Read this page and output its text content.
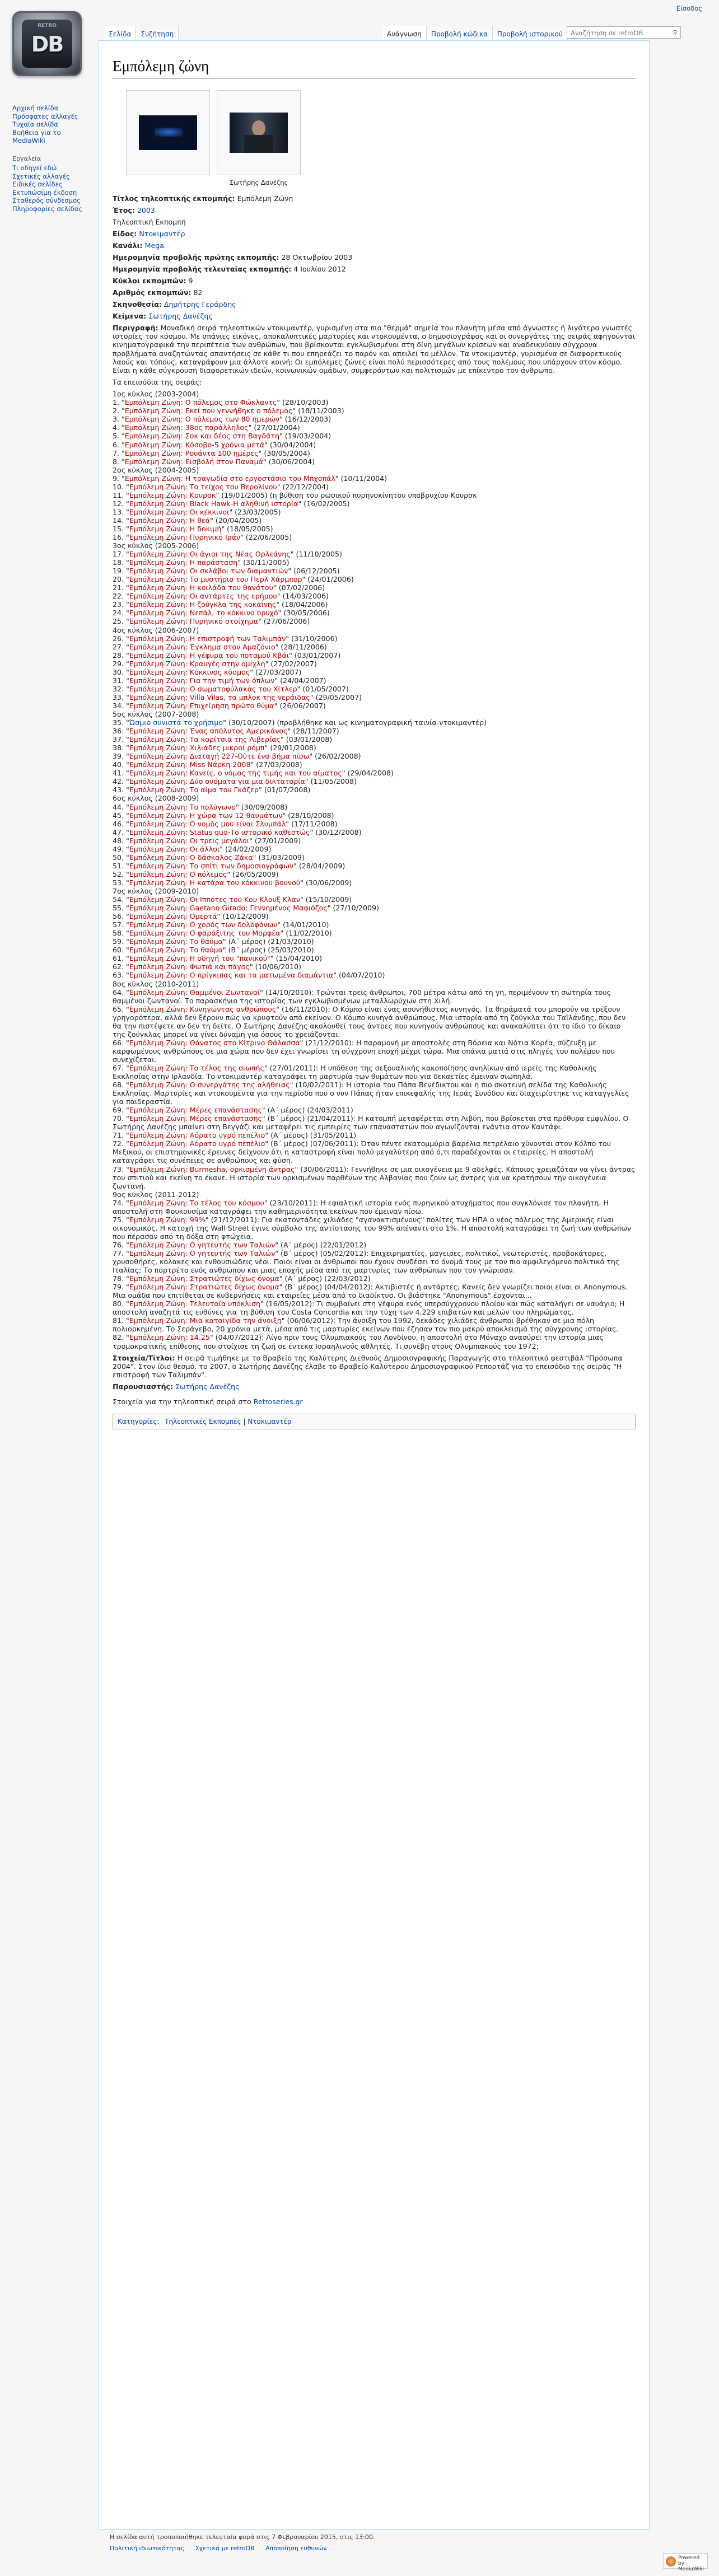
RETRO
DB
Είσοδος
Σελίδα	Συζήτηση	Ανάγνωση	Προβολή κώδικα	Προβολή ιστορικού	Αναζήτηση σε retroDB	⚲
Αρχική σελίδα
Πρόσφατες αλλαγές
Τυχαία σελίδα
Βοήθεια για το MediaWiki
Εργαλεία
Τι οδηγεί εδώ
Σχετικές αλλαγές
Ειδικές σελίδες
Εκτυπώσιμη έκδοση
Σταθερός σύνδεσμος
Πληροφορίες σελίδας
Εμπόλεμη ζώνη
Σωτήρης Δανέζης
Τίτλος τηλεοπτικής εκπομπής: Εμπόλεμη Ζώνη
Έτος: 2003
Τηλεοπτική Εκπομπή
Είδος: Ντοκιμαντέρ
Κανάλι: Mega
Ημερομηνία προβολής πρώτης εκπομπής: 28 Οκτωβρίου 2003
Ημερομηνία προβολής τελευταίας εκπομπής: 4 Ιουλίου 2012
Κύκλοι εκπομπών: 9
Αριθμός εκπομπών: 82
Σκηνοθεσία: Δημήτρης Γεράρδης
Κείμενα: Σωτήρης Δανέζης
Περιγραφή: Μοναδική σειρά τηλεοπτικών ντοκιμαντέρ, γυρισμένη στα πιο "θερμά" σημεία του πλανήτη μέσα από άγνωστες ή λιγότερο γνωστές ιστορίες του κόσμου. Με σπάνιες εικόνες, αποκαλυπτικές μαρτυρίες και ντοκουμέντα, ο δημοσιογράφος και οι συνεργάτες της σειράς αφηγούνται κινηματογραφικά την περιπέτεια των ανθρώπων, που βρίσκονται εγκλωβισμένοι στη δίνη μεγάλων κρίσεων και αναδεικνύουν σύγχρονα προβλήματα αναζητώντας απαντήσεις σε κάθε τι που επηρεάζει το παρόν και απειλεί το μέλλον. Τα ντοκιμαντέρ, γυρισμένα σε διαφορετικούς λαούς και τόπους, καταγράφουν μια άλλοτε κοινή: Οι εμπόλεμες ζώνες είναι πολύ περισσότερες από τους πολέμους που υπάρχουν στον κόσμο. Είναι η κάθε σύγκρουση διαφορετικών ιδεών, κοινωνικών ομάδων, συμφερόντων και πολιτισμών με επίκεντρο τον άνθρωπο.
Τα επεισόδια της σειράς:
1ος κύκλος (2003-2004)
1. "Εμπόλεμη Ζώνη: Ο πόλεμος στο Φώκλαντς" (28/10/2003)
2. "Εμπόλεμη Ζώνη: Εκεί που γεννήθηκε ο πόλεμος" (18/11/2003)
3. "Εμπόλεμη Ζώνη: Ο πόλεμος των 80 ημερών" (16/12/2003)
4. "Εμπόλεμη Ζώνη: 38ος παράλληλος" (27/01/2004)
5. "Εμπόλεμη Ζώνη: Σοκ και δέος στη Βαγδάτη" (19/03/2004)
6. "Εμπόλεμη Ζώνη: Κόσοβο-5 χρόνια μετά" (30/04/2004)
7. "Εμπόλεμη Ζώνη: Ρουάντα 100 ημέρες" (30/05/2004)
8. "Εμπόλεμη Ζώνη: Εισβολή στον Παναμά" (30/06/2004)
2ος κύκλος (2004-2005)
9. "Εμπόλεμη Ζώνη: Η τραγωδία στο εργοστάσιο του Μπχοπάλ" (10/11/2004)
10. "Εμπόλεμη Ζώνη: Το τείχος του Βερολίνου" (22/12/2004)
11. "Εμπόλεμη Ζώνη: Κουρσκ" (19/01/2005) (η βύθιση του ρωσικού πυρηνοκίνητου υποβρυχίου Κουρσκ
12. "Εμπόλεμη Ζώνη: Black Hawk-Η αληθινή ιστορία" (16/02/2005)
13. "Εμπόλεμη Ζώνη: Οι κέκκινοι" (23/03/2005)
14. "Εμπόλεμη Ζώνη: Η θεά" (20/04/2005)
15. "Εμπόλεμη Ζώνη: Η δοκιμή" (18/05/2005)
16. "Εμπόλεμη Ζώνη: Πυρηνικό Ιράν" (22/06/2005)
3ος κύκλος (2005-2006)
17. "Εμπόλεμη Ζώνη: Οι άγιοι της Νέας Ορλεάνης" (11/10/2005)
18. "Εμπόλεμη Ζώνη: Η παράσταση" (30/11/2005)
19. "Εμπόλεμη Ζώνη: Οι σκλάβοι των διαμαντιών" (06/12/2005)
20. "Εμπόλεμη Ζώνη: Το μυστήριο του Περλ Χάρμπορ" (24/01/2006)
21. "Εμπόλεμη Ζώνη: Η κοιλάδα του θανάτου" (07/02/2006)
22. "Εμπόλεμη Ζώνη: Οι αντάρτες της ερήμου" (14/03/2006)
23. "Εμπόλεμη Ζώνη: Η ζούγκλα της κοκαΐνης" (18/04/2006)
24. "Εμπόλεμη Ζώνη: Νεπάλ, το κόκκινο ορυχό" (30/05/2006)
25. "Εμπόλεμη Ζώνη: Πυρηνικό στοίχημα" (27/06/2006)
4ος κύκλος (2006-2007)
26. "Εμπόλεμη Ζώνη: Η επιστροφή των Ταλιμπάν" (31/10/2006)
27. "Εμπόλεμη Ζώνη: Έγκλημα στον Αμαζόνιο" (28/11/2006)
28. "Εμπόλεμη Ζώνη: Η γέφυρα του ποταμού Κβάι" (03/01/2007)
29. "Εμπόλεμη Ζώνη: Κραυγές στην ομίχλη" (27/02/2007)
30. "Εμπόλεμη Ζώνη: Κόκκινος κόσμος" (27/03/2007)
31. "Εμπόλεμη Ζώνη: Για την τιμή των όπλων" (24/04/2007)
32. "Εμπόλεμη Ζώνη: Ο σωματοφύλακας του Χίτλερ" (01/05/2007)
33. "Εμπόλεμη Ζώνη: Villa Vilas, τα μπλοκ της νεράιδας" (29/05/2007)
34. "Εμπόλεμη Ζώνη: Επιχείρηση πρώτο θύμα" (26/06/2007)
5ος κύκλος (2007-2008)
35. "Ώσμιο συνιστά το χρήσιμο" (30/10/2007) (προβλήθηκε και ως κινηματογραφική ταινία-ντοκιμαντέρ)
36. "Εμπόλεμη Ζώνη: Ένας απόλυτος Αμερικάνος" (28/11/2007)
37. "Εμπόλεμη Ζώνη: Τα κορίτσια της Λιβερίας" (03/01/2008)
38. "Εμπόλεμη Ζώνη: Χιλιάδες μικροί ρόμπ" (29/01/2008)
39. "Εμπόλεμη Ζώνη: Διαταγή 227-Ούτε ένα βήμα πίσω" (26/02/2008)
40. "Εμπόλεμη Ζώνη: Miss Νάρκη 2008" (27/03/2008)
41. "Εμπόλεμη Ζώνη: Κανείς, ο νόμος της τιμής και του αίματος" (29/04/2008)
42. "Εμπόλεμη Ζώνη: Δύο ονόματα για μια δικτατορία" (11/05/2008)
43. "Εμπόλεμη Ζώνη: Το αίμα του Γκάζερ" (01/07/2008)
6ος κύκλος (2008-2009)
44. "Εμπόλεμη Ζώνη: Το πολύγωνο" (30/09/2008)
45. "Εμπόλεμη Ζώνη: Η χώρα των 12 θαυμάτων" (28/10/2008)
46. "Εμπόλεμη Ζώνη: Ο νομός μου είναι Σλυμπάλ" (17/11/2008)
47. "Εμπόλεμη Ζώνη: Status quo-Το ιστορικό καθεστώς" (30/12/2008)
48. "Εμπόλεμη Ζώνη: Οι τρεις μεγάλοι" (27/01/2009)
49. "Εμπόλεμη Ζώνη: Οι άλλοι" (24/02/2009)
50. "Εμπόλεμη Ζώνη: Ο δάσκαλος Ζάκα" (31/03/2009)
51. "Εμπόλεμη Ζώνη: Το σπίτι των δημοσιογράφων" (28/04/2009)
52. "Εμπόλεμη Ζώνη: Ο πόλεμος" (26/05/2009)
53. "Εμπόλεμη Ζώνη: Η κατάρα του κόκκινου βουνού" (30/06/2009)
7ος κύκλος (2009-2010)
54. "Εμπόλεμη Ζώνη: Οι Ιππότες του Κου Κλουξ Κλαν" (15/10/2009)
55. "Εμπόλεμη Ζώνη: Gaetano Girado: Γεννημένος Μαφιόζος" (27/10/2009)
56. "Εμπόλεμη Ζώνη: Ομερτά" (10/12/2009)
57. "Εμπόλεμη Ζώνη: Ο χορός των δολοφόνων" (14/01/2010)
58. "Εμπόλεμη Ζώνη: Ο φαράξιτης του Μορφέα" (11/02/2010)
59. "Εμπόλεμη Ζώνη: Το θαύμα" (Α΄ μέρος) (21/03/2010)
60. "Εμπόλεμη Ζώνη: Το θαύμα" (Β΄ μέρος) (25/03/2010)
61. "Εμπόλεμη Ζώνη: Η οδηγή του "πανικού"" (15/04/2010)
62. "Εμπόλεμη Ζώνη: Φωτιά και πάγος" (10/06/2010)
63. "Εμπόλεμη Ζώνη: Ο πρίγκιπας και τα ματωμένα διαμάντια" (04/07/2010)
8ος κύκλος (2010-2011)
64. "Εμπόλεμη Ζώνη: Θαμμένοι Ζωντανοί" (14/10/2010): Τρώνται τρεις άνθρωποι, 700 μέτρα κάτω από τη γη, περιμένουν τη σωτηρία τους θαμμένοι ζωντανοί. Το παρασκήνιο της ιστορίας των εγκλωβισμένων μεταλλωρύχων στη Χιλή.
65. "Εμπόλεμη Ζώνη: Κυνηγώντας ανθρώπους" (16/11/2010): Ο Κόμπο είναι ένας ασυνήθιστος κυνηγός. Τα θηράματά του μπορούν να τρέξουν γρηγορότερα, αλλά δεν ξέρουν πώς να κρυφτούν από εκείνον. Ο Κόμπο κυνηγά ανθρώπους. Μια ιστορία από τη ζούγκλα του Ταϊλάνδης, που δεν θα την πιστέψετε αν δεν τη δείτε. Ο Σωτήρης Δανέζης ακολουθεί τους άντρες που κυνηγούν ανθρώπους και ανακαλύπτει ότι το ίδιο το δίκαιο της ζούγκλας μπορεί να γίνει δύναμη για όσους το χρειάζονται.
66. "Εμπόλεμη Ζώνη: Θάνατος στο Κίτρινο Θάλασσα" (21/12/2010): Η παραμονή με αποστολές στη Βόρεια και Νότια Κορέα, σύζευξη με καρφωμένους ανθρώπους σε μια χώρα που δεν έχει γνωρίσει τη σύγχρονη εποχή μέχρι τώρα. Μια σπάνια ματιά στις πληγές του πολέμου που συνεχίζεται.
67. "Εμπόλεμη Ζώνη: Το τέλος της σιωπής" (27/01/2011): Η υπόθεση της σεξουαλικής κακοποίησης ανηλίκων από ιερείς της Καθολικής Εκκλησίας στην Ιρλανδία. Το ντοκιμαντέρ καταγράφει τη μαρτυρία των θυμάτων που για δεκαετίες έμειναν σιωπηλά.
68. "Εμπόλεμη Ζώνη: Ο συνεργάτης της αλήθειας" (10/02/2011): Η ιστορία του Πάπα Βενέδικτου και η πιο σκοτεινή σελίδα της Καθολικής Εκκλησίας. Μαρτυρίες και ντοκουμέντα για την περίοδο που ο νυν Πάπας ήταν επικεφαλής της Ιεράς Συνόδου και διαχειρίστηκε τις καταγγελίες για παιδεραστία.
69. "Εμπόλεμη Ζώνη: Μέρες επανάστασης" (Α΄ μέρος) (24/03/2011)
70. "Εμπόλεμη Ζώνη: Μέρες επανάστασης" (Β΄ μέρος) (21/04/2011): Η κατομπή μεταφέρεται στη Λιβύη, που βρίσκεται στα πρόθυρα εμφυλίου. Ο Σωτήρης Δανέζης μπαίνει στη Βεγγάζι και μεταφέρει τις εμπειρίες των επαναστατών που αγωνίζονται ενάντια στον Καντάφι.
71. "Εμπόλεμη Ζώνη: Αόρατο υγρό πεπέλιο" (Α΄ μέρος) (31/05/2011)
72. "Εμπόλεμη Ζώνη: Αόρατο υγρό πεπέλιο" (Β΄ μέρος) (07/06/2011): Όταν πέντε εκατομμύρια βαρέλια πετρέλαιο χύνονται στον Κόλπο του Μεξικού, οι επιστημονικές έρευνες δείχνουν ότι η καταστροφή είναι πολύ μεγαλύτερη από ό,τι παραδέχονται οι εταιρείες. Η αποστολή καταγράφει τις συνέπειες σε ανθρώπους και φύση.
73. "Εμπόλεμη Ζώνη: Burmesha, ορκισμένη άντρας" (30/06/2011): Γεννήθηκε σε μια οικογένεια με 9 αδελφές. Κάποιος χρειαζόταν να γίνει άντρας του σπιτιού και εκείνη το έκανε. Η ιστορία των ορκισμένων παρθένων της Αλβανίας που ζουν ως άντρες για να κρατήσουν την οικογένεια ζωντανή.
9ος κύκλος (2011-2012)
74. "Εμπόλεμη Ζώνη: Το τέλος του κόσμου" (23/10/2011): Η εφιαλτική ιστορία ενός πυρηνικού ατυχήματος που συγκλόνισε τον πλανήτη. Η αποστολή στη Φουκουσίμα καταγράφει την καθημερινότητα εκείνων που έμειναν πίσω.
75. "Εμπόλεμη Ζώνη: 99%" (21/12/2011): Για εκατοντάδες χιλιάδες "αγανακτισμένους" πολίτες των ΗΠΑ ο νέος πόλεμος της Αμερικής είναι οικονομικός. Η κατοχή της Wall Street έγινε σύμβολο της αντίστασης του 99% απέναντι στο 1%. Η αποστολή καταγράφει τη ζωή των ανθρώπων που πέρασαν από τη δόξα στη φτώχεια.
76. "Εμπόλεμη Ζώνη: Ο γητευτής των Ταλιών" (Α΄ μέρος) (22/01/2012)
77. "Εμπόλεμη Ζώνη: Ο γητευτής των Ταλιών" (Β΄ μέρος) (05/02/2012): Επιχειρηματίες, μαγειρες, πολιτικοί, νεωτεριστές, προβοκάτορες, χρυσοθήρες, κόλακες και ενθουσιώδεις νέοι. Ποιοι είναι οι άνθρωποι που έχουν συνδέσει το όνομά τους με τον πιο αμφιλεγόμενο πολιτικό της Ιταλίας; Το πορτρέτο ενός ανθρώπου και μιας εποχής μέσα από τις μαρτυρίες των ανθρώπων που τον γνώρισαν.
78. "Εμπόλεμη Ζώνη: Στρατιώτες δίχως όνομα" (Α΄ μέρος) (22/03/2012)
79. "Εμπόλεμη Ζώνη: Στρατιώτες δίχως όνομα" (Β΄ μέρος) (04/04/2012): Ακτιβιστές ή αντάρτες; Κανείς δεν γνωρίζει ποιοι είναι οι Anonymous. Μια ομάδα που επιτίθεται σε κυβερνήσεις και εταιρείες μέσα από το διαδίκτυο. Οι βιάστηκε "Anonymous" έρχονται...
80. "Εμπόλεμη Ζώνη: Τελευταία υπόκλιση" (16/05/2012): Τι συμβαίνει στη γέφυρα ενός υπερσύγχρονου πλοίου και πώς καταλήγει σε ναυάγιο; Η αποστολή αναζητά τις ευθύνες για τη βύθιση του Costa Concordia και την τύχη των 4.229 επιβατών και μελών του πληρώματος.
81. "Εμπόλεμη Ζώνη: Μια καταιγίδα την άνοιξη" (06/06/2012): Την άνοιξη του 1992, δεκάδες χιλιάδες άνθρωποι βρέθηκαν σε μια πόλη πολιορκημένη. Το Σεράγεβο, 20 χρόνια μετά, μέσα από τις μαρτυρίες εκείνων που έζησαν τον πιο μακρύ αποκλεισμό της σύγχρονης ιστορίας.
82. "Εμπόλεμη Ζώνη: 14.25" (04/07/2012): Λίγο πριν τους Ολυμπιακούς του Λονδίνου, η αποστολή στο Μόναχο ανασύρει την ιστορία μιας τρομοκρατικής επίθεσης που στοίχισε τη ζωή σε έντεκα Ισραηλινούς αθλητές. Τι συνέβη στους Ολυμπιακούς του 1972;
Στοιχεία/Τίτλοι: Η σειρά τιμήθηκε με το Βραβείο της Καλύτερης Διεθνούς Δημοσιογραφικής Παραγωγής στο τηλεοπτικό φεστιβάλ "Πρόσωπα 2004". Στον ίδιο θεσμό, το 2007, ο Σωτήρης Δανέζης έλαβε το Βραβείο Καλύτερου Δημοσιογραφικού Ρεπορτάζ για το επεισόδιο της σειράς "Η επιστροφή των Ταλιμπάν".
Παρουσιαστής: Σωτήρης Δανέζης
Στοιχεία για την τηλεοπτική σειρά στο Retroseries.gr
Κατηγορίες: Τηλεοπτικές Εκπομπές | Ντοκιμαντέρ
Η σελίδα αυτή τροποποιήθηκε τελευταία φορά στις 7 Φεβρουαρίου 2015, στις 13:00.
Πολιτική ιδιωτικότητας Σχετικά με retroDB Αποποίηση ευθυνών
Powered by MediaWiki
